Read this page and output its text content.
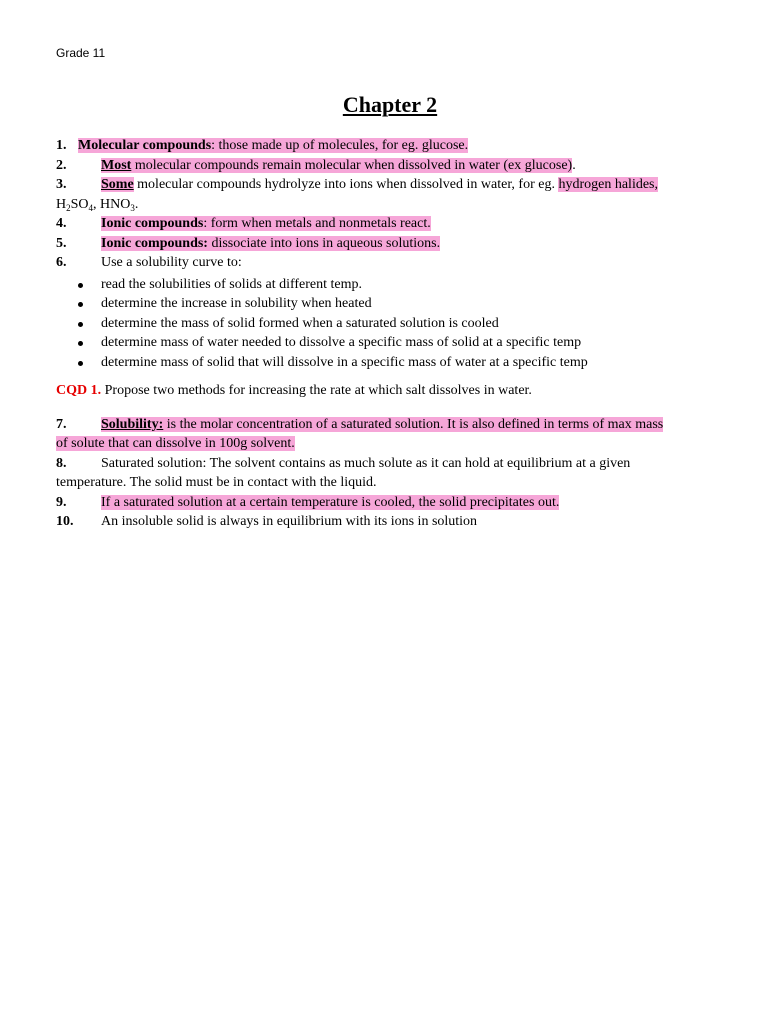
Grade 11
Chapter 2

1. Molecular compounds: those made up of molecules, for eg. glucose.

2. Most molecular compounds remain molecular when dissolved in water (ex glucose).

3. Some molecular compounds hydrolyze into ions when dissolved in water, for eg. hydrogen halides,
$H_2SO_4$, $HNO_3$.

4. Ionic compounds: form when metals and nonmetals react.

5. Ionic compounds: dissociate into ions in aqueous solutions.

6. Use a solubility curve to:

read the solubilities of solids at different temp.
determine the increase in solubility when heated
determine the mass of solid formed when a saturated solution is cooled
determine mass of water needed to dissolve a specific mass of solid at a specific temp
determine mass of solid that will dissolve in a specific mass of water at a specific temp

CQD 1. Propose two methods for increasing the rate at which salt dissolves in water.

7. Solubility: is the molar concentration of a saturated solution. It is also defined in terms of max mass
of solute that can dissolve in 100g solvent.

8. Saturated solution: The solvent contains as much solute as it can hold at equilibrium at a given
temperature. The solid must be in contact with the liquid.

9. If a saturated solution at a certain temperature is cooled, the solid precipitates out.

10. An insoluble solid is always in equilibrium with its ions in solution
